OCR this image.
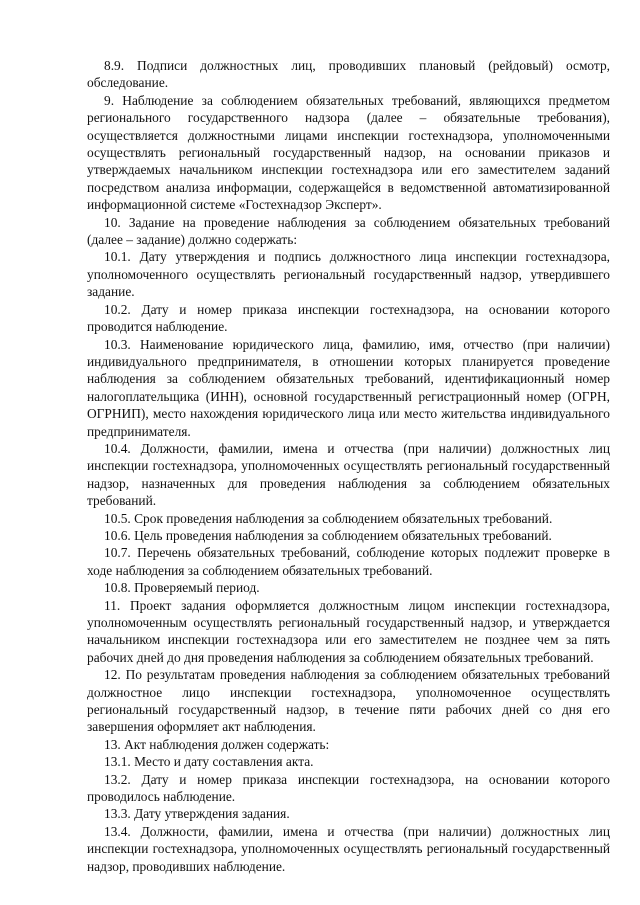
8.9. Подписи должностных лиц, проводивших плановый (рейдовый) осмотр, обследование.

9. Наблюдение за соблюдением обязательных требований, являющихся предметом регионального государственного надзора (далее – обязательные требования), осуществляется должностными лицами инспекции гостехнадзора, уполномоченными осуществлять региональный государственный надзор, на основании приказов и утверждаемых начальником инспекции гостехнадзора или его заместителем заданий посредством анализа информации, содержащейся в ведомственной автоматизированной информационной системе «Гостехнадзор Эксперт».

10. Задание на проведение наблюдения за соблюдением обязательных требований (далее – задание) должно содержать:

10.1. Дату утверждения и подпись должностного лица инспекции гостехнадзора, уполномоченного осуществлять региональный государственный надзор, утвердившего задание.

10.2. Дату и номер приказа инспекции гостехнадзора, на основании которого проводится наблюдение.

10.3. Наименование юридического лица, фамилию, имя, отчество (при наличии) индивидуального предпринимателя, в отношении которых планируется проведение наблюдения за соблюдением обязательных требований, идентификационный номер налогоплательщика (ИНН), основной государственный регистрационный номер (ОГРН, ОГРНИП), место нахождения юридического лица или место жительства индивидуального предпринимателя.

10.4. Должности, фамилии, имена и отчества (при наличии) должностных лиц инспекции гостехнадзора, уполномоченных осуществлять региональный государственный надзор, назначенных для проведения наблюдения за соблюдением обязательных требований.

10.5. Срок проведения наблюдения за соблюдением обязательных требований.

10.6. Цель проведения наблюдения за соблюдением обязательных требований.

10.7. Перечень обязательных требований, соблюдение которых подлежит проверке в ходе наблюдения за соблюдением обязательных требований.

10.8. Проверяемый период.

11. Проект задания оформляется должностным лицом инспекции гостехнадзора, уполномоченным осуществлять региональный государственный надзор, и утверждается начальником инспекции гостехнадзора или его заместителем не позднее чем за пять рабочих дней до дня проведения наблюдения за соблюдением обязательных требований.

12. По результатам проведения наблюдения за соблюдением обязательных требований должностное лицо инспекции гостехнадзора, уполномоченное осуществлять региональный государственный надзор, в течение пяти рабочих дней со дня его завершения оформляет акт наблюдения.

13. Акт наблюдения должен содержать:

13.1. Место и дату составления акта.

13.2. Дату и номер приказа инспекции гостехнадзора, на основании которого проводилось наблюдение.

13.3. Дату утверждения задания.

13.4. Должности, фамилии, имена и отчества (при наличии) должностных лиц инспекции гостехнадзора, уполномоченных осуществлять региональный государственный надзор, проводивших наблюдение.
